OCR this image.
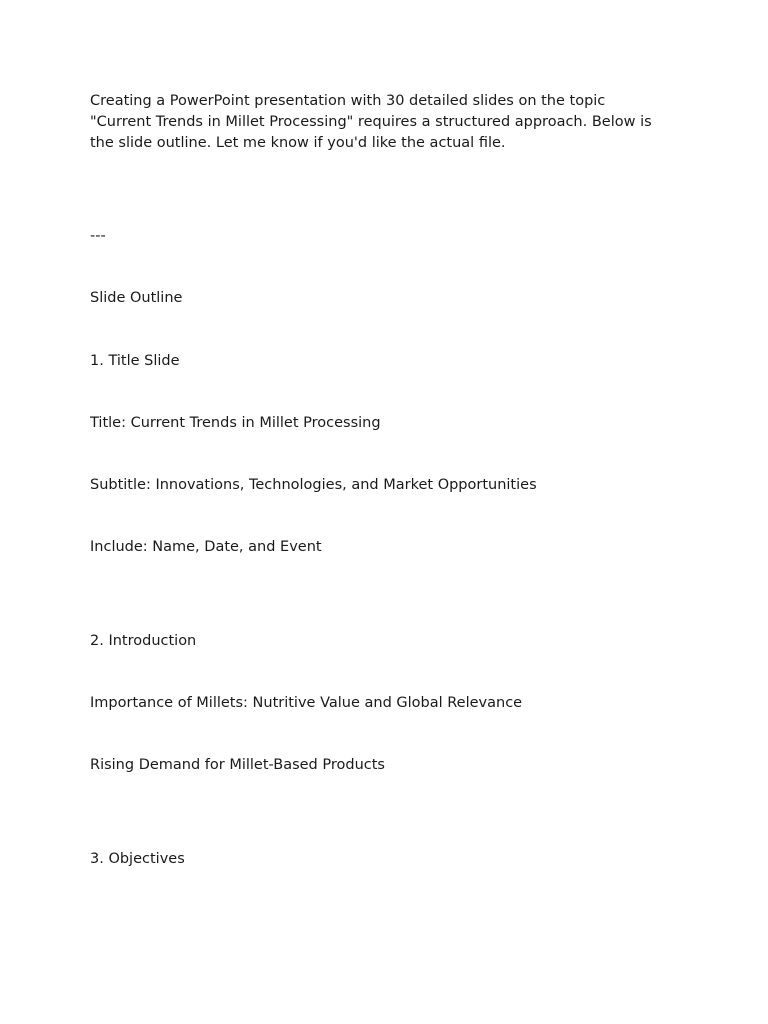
Creating a PowerPoint presentation with 30 detailed slides on the topic
"Current Trends in Millet Processing" requires a structured approach. Below is
the slide outline. Let me know if you'd like the actual file.
---
Slide Outline
1. Title Slide
Title: Current Trends in Millet Processing
Subtitle: Innovations, Technologies, and Market Opportunities
Include: Name, Date, and Event
2. Introduction
Importance of Millets: Nutritive Value and Global Relevance
Rising Demand for Millet-Based Products
3. Objectives
